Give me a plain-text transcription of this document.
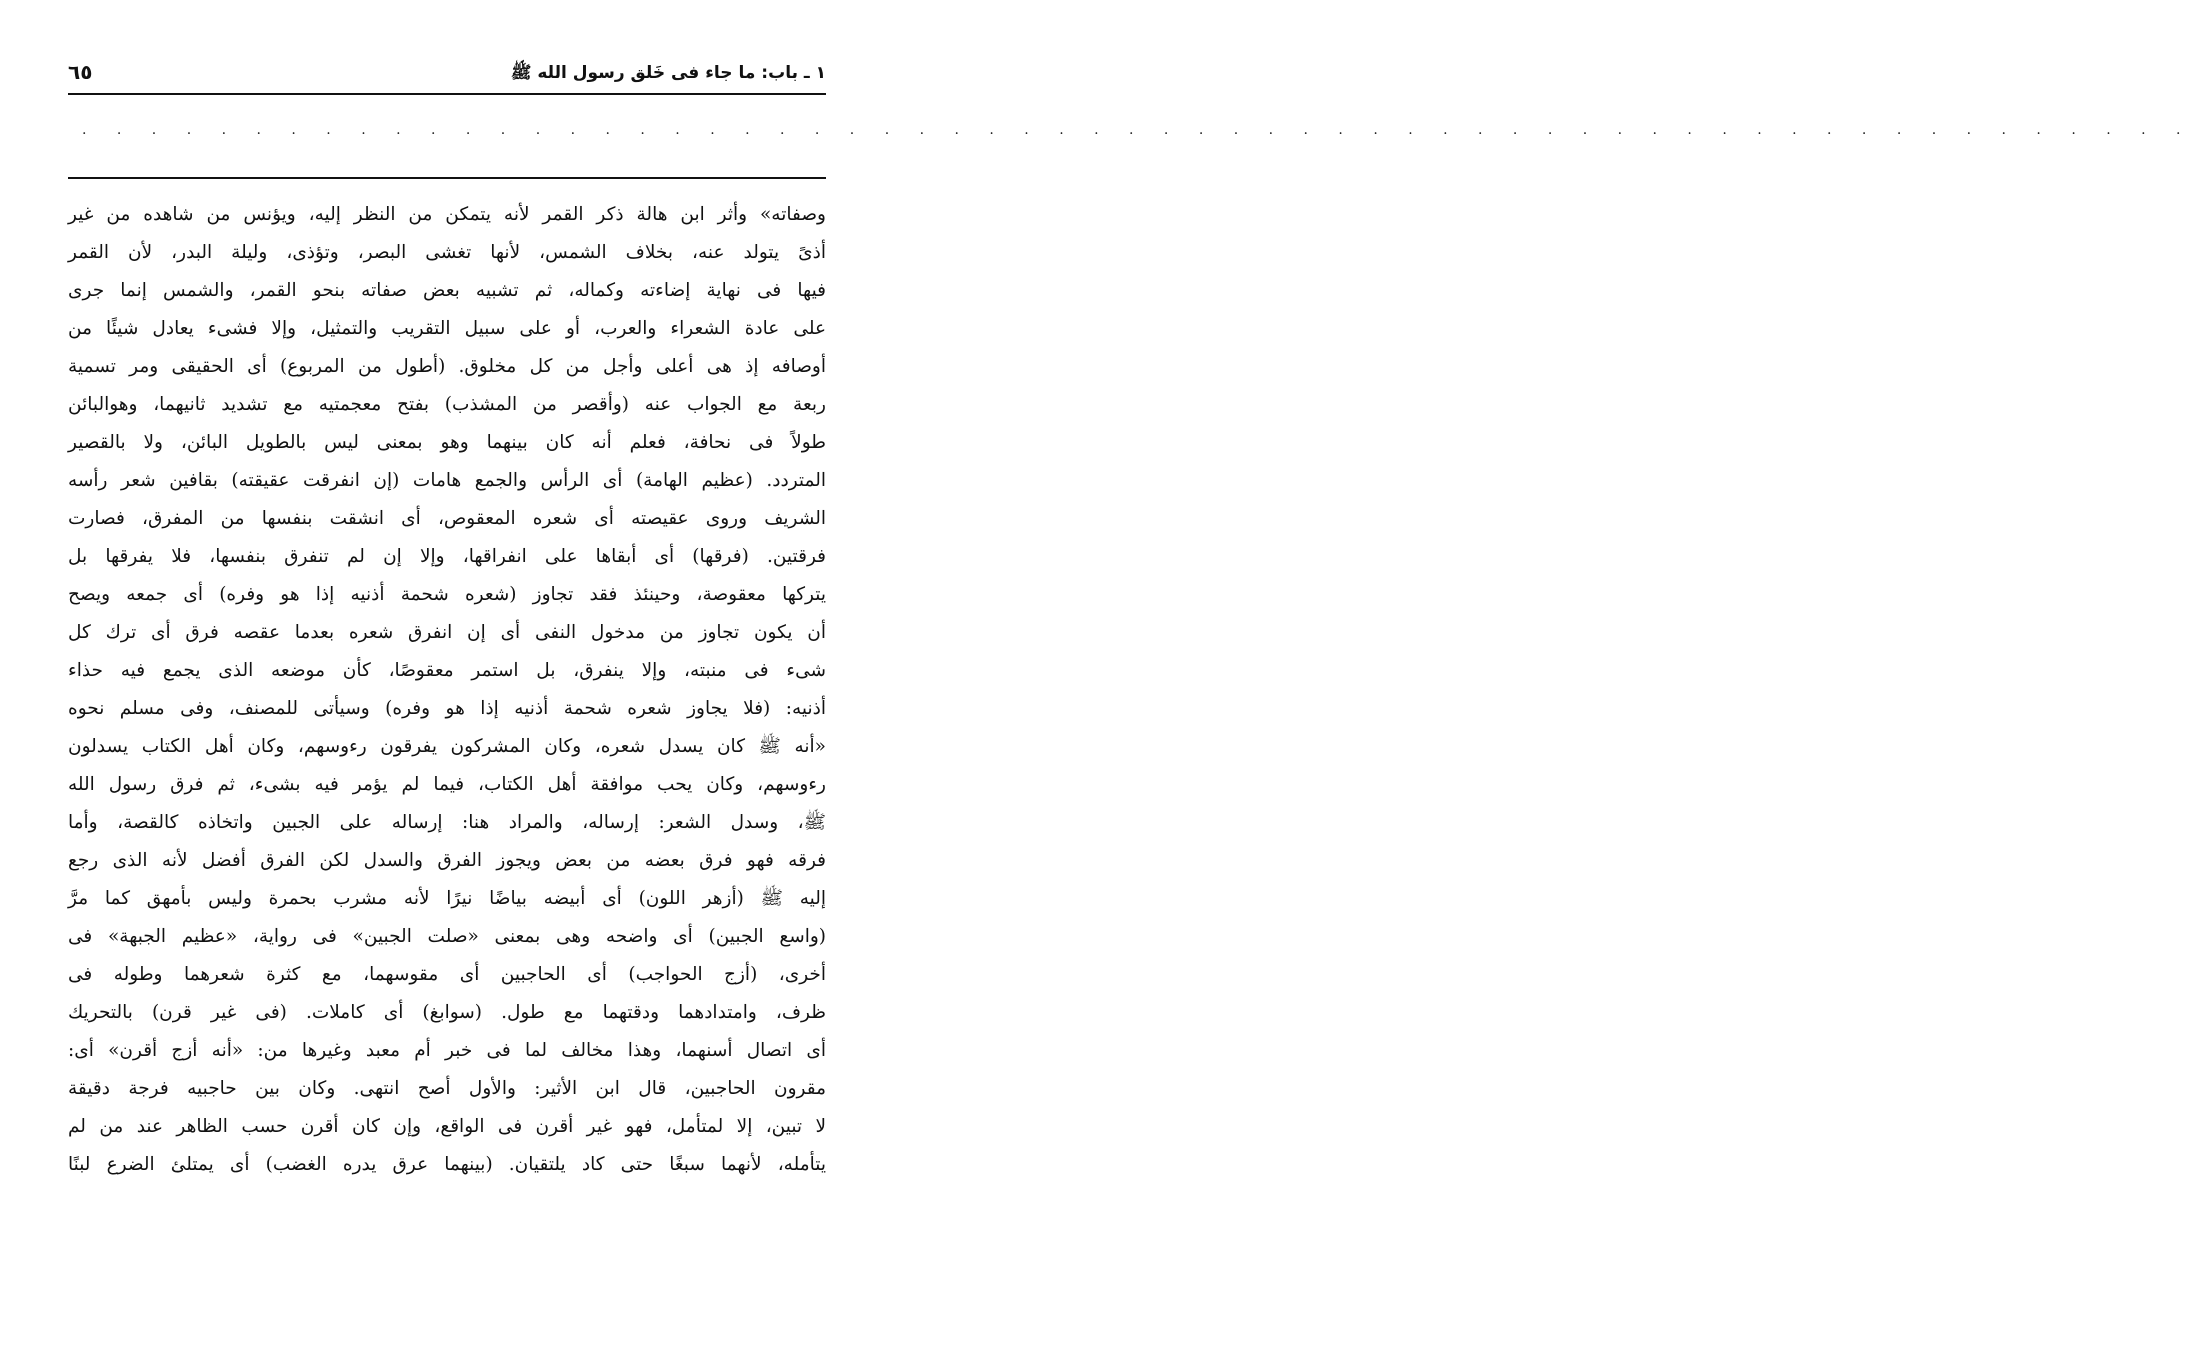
١ ـ باب: ما جاء فى خَلق رسول الله ﷺ
٦٥
. . . . . . . . . . . . . . . . . . . . . . . . . . . . . . . . . . . . . . . . . . . . . . . . . . . . . . . . . . . . .
وصفاته» وأثر ابن هالة ذكر القمر لأنه يتمكن من النظر إليه، ويؤنس من شاهده من غير
أذىً يتولد عنه، بخلاف الشمس، لأنها تغشى البصر، وتؤذى، وليلة البدر، لأن القمر
فيها فى نهاية إضاءته وكماله، ثم تشبيه بعض صفاته بنحو القمر، والشمس إنما جرى
على عادة الشعراء والعرب، أو على سبيل التقريب والتمثيل، وإلا فشىء يعادل شيئًا من
أوصافه إذ هى أعلى وأجل من كل مخلوق. (أطول من المربوع) أى الحقيقى ومر تسمية
ربعة مع الجواب عنه (وأقصر من المشذب) بفتح معجمتيه مع تشديد ثانيهما، وهوالبائن
طولاً فى نحافة، فعلم أنه كان بينهما وهو بمعنى ليس بالطويل البائن، ولا بالقصير
المتردد. (عظيم الهامة) أى الرأس والجمع هامات (إن انفرقت عقيقته) بقافين شعر رأسه
الشريف وروى عقيصته أى شعره المعقوص، أى انشقت بنفسها من المفرق، فصارت
فرقتين. (فرقها) أى أبقاها على انفراقها، وإلا إن لم تنفرق بنفسها، فلا يفرقها بل
يتركها معقوصة، وحينئذ فقد تجاوز (شعره شحمة أذنيه إذا هو وفره) أى جمعه ويصح
أن يكون تجاوز من مدخول النفى أى إن انفرق شعره بعدما عقصه فرق أى ترك كل
شىء فى منبته، وإلا ينفرق، بل استمر معقوصًا، كأن موضعه الذى يجمع فيه حذاء
أذنيه: (فلا يجاوز شعره شحمة أذنيه إذا هو وفره) وسيأتى للمصنف، وفى مسلم نحوه
«أنه ﷺ كان يسدل شعره، وكان المشركون يفرقون رءوسهم، وكان أهل الكتاب يسدلون
رءوسهم، وكان يحب موافقة أهل الكتاب، فيما لم يؤمر فيه بشىء، ثم فرق رسول الله
ﷺ، وسدل الشعر: إرساله، والمراد هنا: إرساله على الجبين واتخاذه كالقصة، وأما
فرقه فهو فرق بعضه من بعض ويجوز الفرق والسدل لكن الفرق أفضل لأنه الذى رجع
إليه ﷺ (أزهر اللون) أى أبيضه بياضًا نيرًا لأنه مشرب بحمرة وليس بأمهق كما مرَّ
(واسع الجبين) أى واضحه وهى بمعنى «صلت الجبين» فى رواية، «عظيم الجبهة» فى
أخرى، (أزج الحواجب) أى الحاجبين أى مقوسهما، مع كثرة شعرهما وطوله فى
ظرف، وامتدادهما ودقتهما مع طول. (سوابغ) أى كاملات. (فى غير قرن) بالتحريك
أى اتصال أسنهما، وهذا مخالف لما فى خبر أم معبد وغيرها من: «أنه أزج أقرن» أى:
مقرون الحاجبين، قال ابن الأثير: والأول أصح انتهى. وكان بين حاجبيه فرجة دقيقة
لا تبين، إلا لمتأمل، فهو غير أقرن فى الواقع، وإن كان أقرن حسب الظاهر عند من لم
يتأمله، لأنهما سبغًا حتى كاد يلتقيان. (بينهما عرق يدره الغضب) أى يمتلئ الضرع لبنًا
